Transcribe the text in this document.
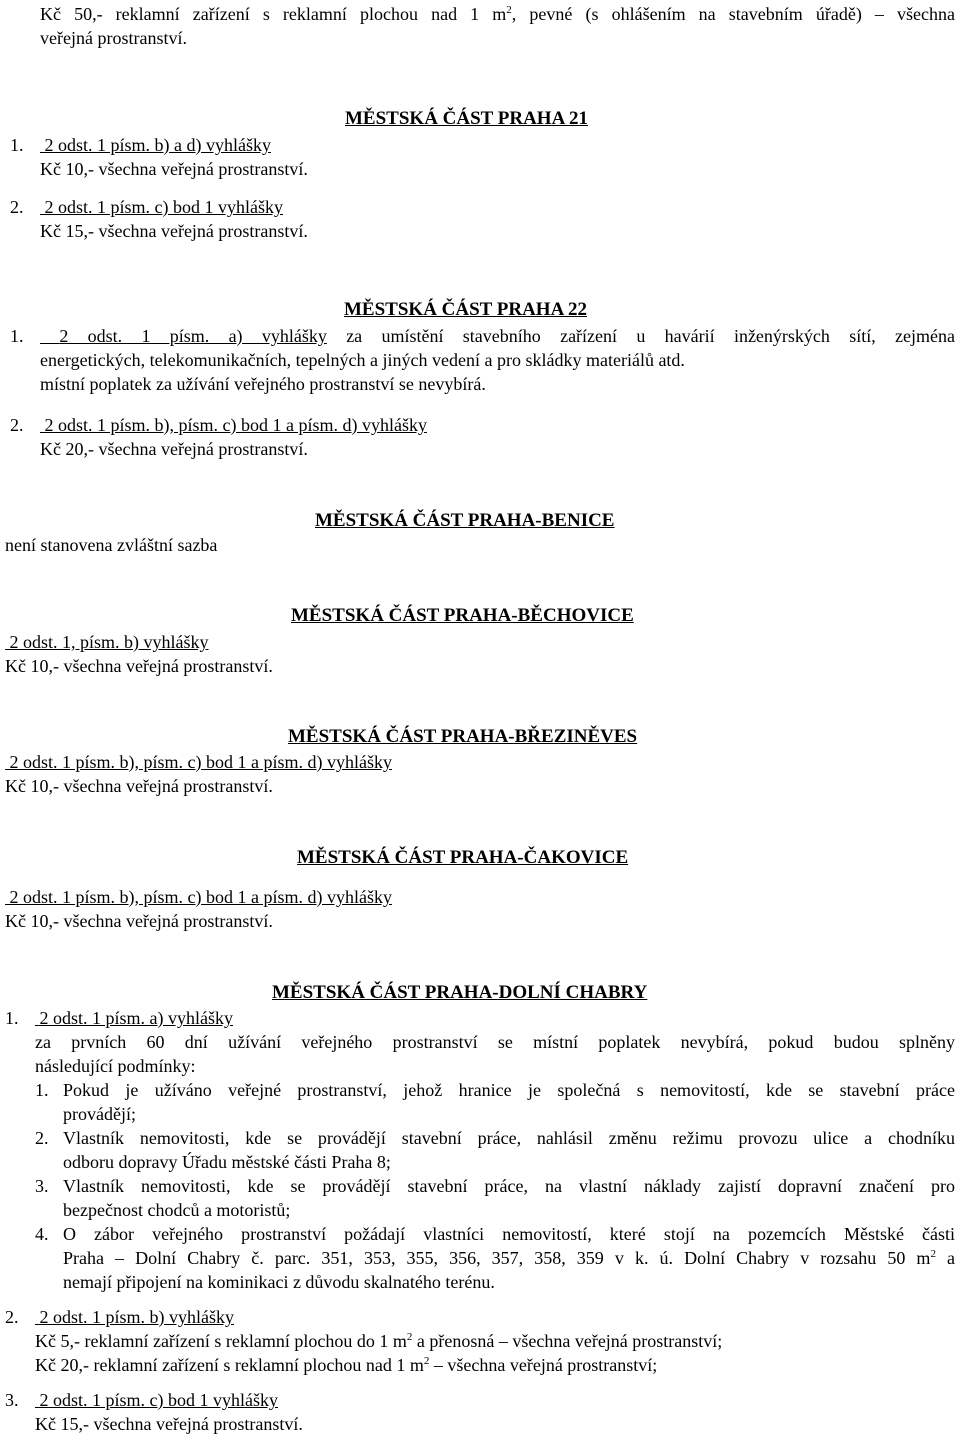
Kč 50,- reklamní zařízení s reklamní plochou nad 1 $m^2$, pevné (s ohlášením na stavebním úřadě) – všechna
veřejná prostranství.
MĚSTSKÁ ČÁST PRAHA 21
1. 2 odst. 1 písm. b) a d) vyhlášky
Kč 10,- všechna veřejná prostranství.
2. 2 odst. 1 písm. c) bod 1 vyhlášky
Kč 15,- všechna veřejná prostranství.
MĚSTSKÁ ČÁST PRAHA 22
1. 2 odst. 1 písm. a) vyhlášky za umístění stavebního zařízení u havárií inženýrských sítí, zejména
energetických, telekomunikačních, tepelných a jiných vedení a pro skládky materiálů atd.
místní poplatek za užívání veřejného prostranství se nevybírá.
2. 2 odst. 1 písm. b), písm. c) bod 1 a písm. d) vyhlášky
Kč 20,- všechna veřejná prostranství.
MĚSTSKÁ ČÁST PRAHA-BENICE
není stanovena zvláštní sazba
MĚSTSKÁ ČÁST PRAHA-BĚCHOVICE
2 odst. 1, písm. b) vyhlášky
Kč 10,- všechna veřejná prostranství.
MĚSTSKÁ ČÁST PRAHA-BŘEZINĚVES
2 odst. 1 písm. b), písm. c) bod 1 a písm. d) vyhlášky
Kč 10,- všechna veřejná prostranství.
MĚSTSKÁ ČÁST PRAHA-ČAKOVICE
2 odst. 1 písm. b), písm. c) bod 1 a písm. d) vyhlášky
Kč 10,- všechna veřejná prostranství.
MĚSTSKÁ ČÁST PRAHA-DOLNÍ CHABRY
1. 2 odst. 1 písm. a) vyhlášky
za prvních 60 dní užívání veřejného prostranství se místní poplatek nevybírá, pokud budou splněny
následující podmínky:
1. Pokud je užíváno veřejné prostranství, jehož hranice je společná s nemovitostí, kde se stavební práce
provádějí;
2. Vlastník nemovitosti, kde se provádějí stavební práce, nahlásil změnu režimu provozu ulice a chodníku
odboru dopravy Úřadu městské části Praha 8;
3. Vlastník nemovitosti, kde se provádějí stavební práce, na vlastní náklady zajistí dopravní značení pro
bezpečnost chodců a motoristů;
4. O zábor veřejného prostranství požádají vlastníci nemovitostí, které stojí na pozemcích Městské části
Praha – Dolní Chabry č. parc. 351, 353, 355, 356, 357, 358, 359 v k. ú. Dolní Chabry v rozsahu 50 $m^2$ a
nemají připojení na kominikaci z důvodu skalnatého terénu.
2. 2 odst. 1 písm. b) vyhlášky
Kč 5,- reklamní zařízení s reklamní plochou do 1 $m^2$ a přenosná – všechna veřejná prostranství;
Kč 20,- reklamní zařízení s reklamní plochou nad 1 $m^2$ – všechna veřejná prostranství;
3. 2 odst. 1 písm. c) bod 1 vyhlášky
Kč 15,- všechna veřejná prostranství.
